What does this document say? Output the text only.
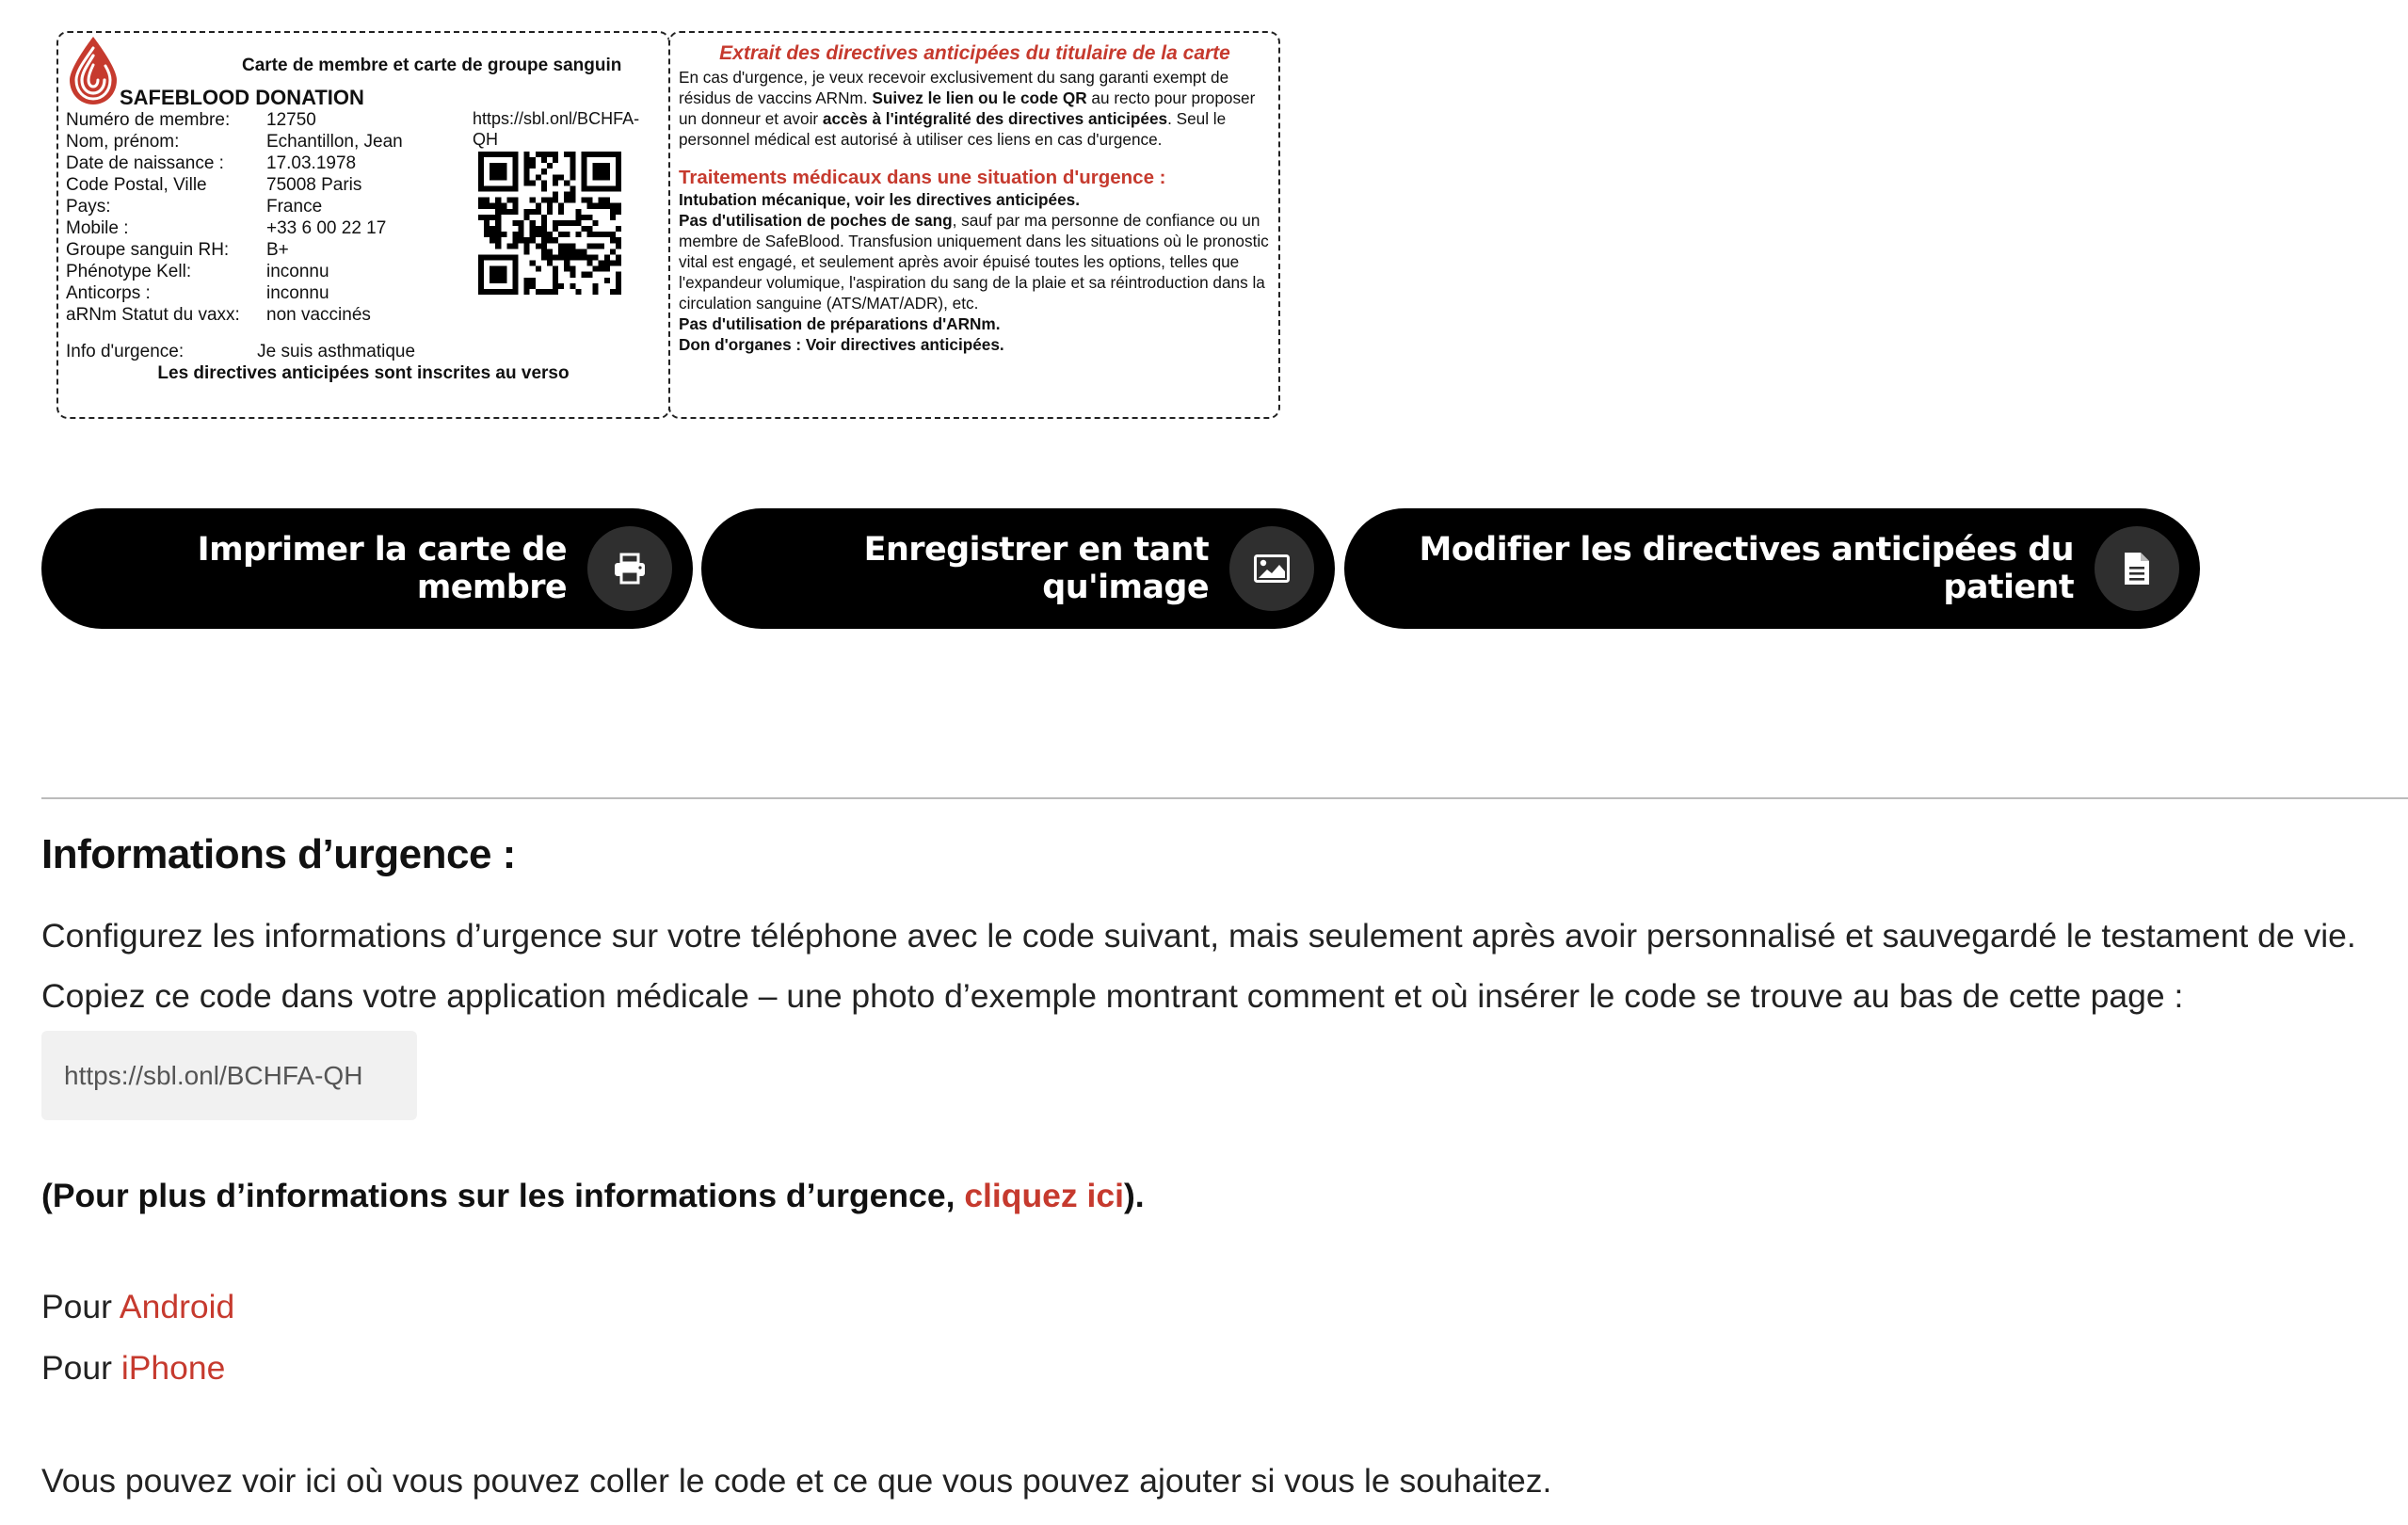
Carte de membre et carte de groupe sanguin
SAFEBLOOD DONATION
Numéro de membre:	12750
Nom, prénom:	Echantillon, Jean
Date de naissance :	17.03.1978
Code Postal, Ville	75008 Paris
Pays:	France
Mobile :	+33 6 00 22 17
Groupe sanguin RH:	B+
Phénotype Kell:	inconnu
Anticorps :	inconnu
aRNm Statut du vaxx:	non vaccinés
https://sbl.onl/BCHFA-QH
Info d'urgence:	Je suis asthmatique
Les directives anticipées sont inscrites au verso
Extrait des directives anticipées du titulaire de la carte

En cas d'urgence, je veux recevoir exclusivement du sang garanti exempt de résidus de vaccins ARNm. Suivez le lien ou le code QR au recto pour proposer un donneur et avoir accès à l'intégralité des directives anticipées. Seul le personnel médical est autorisé à utiliser ces liens en cas d'urgence.

Traitements médicaux dans une situation d'urgence :

Intubation mécanique, voir les directives anticipées.

Pas d'utilisation de poches de sang, sauf par ma personne de confiance ou un membre de SafeBlood. Transfusion uniquement dans les situations où le pronostic vital est engagé, et seulement après avoir épuisé toutes les options, telles que l'expandeur volumique, l'aspiration du sang de la plaie et sa réintroduction dans la circulation sanguine (ATS/MAT/ADR), etc.

Pas d'utilisation de préparations d'ARNm.

Don d'organes : Voir directives anticipées.

Imprimer la carte de membre
Enregistrer en tant qu'image
Modifier les directives anticipées du patient
Informations d’urgence :
Configurez les informations d’urgence sur votre téléphone avec le code suivant, mais seulement après avoir personnalisé et sauvegardé le testament de vie.
Copiez ce code dans votre application médicale – une photo d’exemple montrant comment et où insérer le code se trouve au bas de cette page :
https://sbl.onl/BCHFA-QH
(Pour plus d’informations sur les informations d’urgence, cliquez ici).
Pour Android
Pour iPhone
Vous pouvez voir ici où vous pouvez coller le code et ce que vous pouvez ajouter si vous le souhaitez.
